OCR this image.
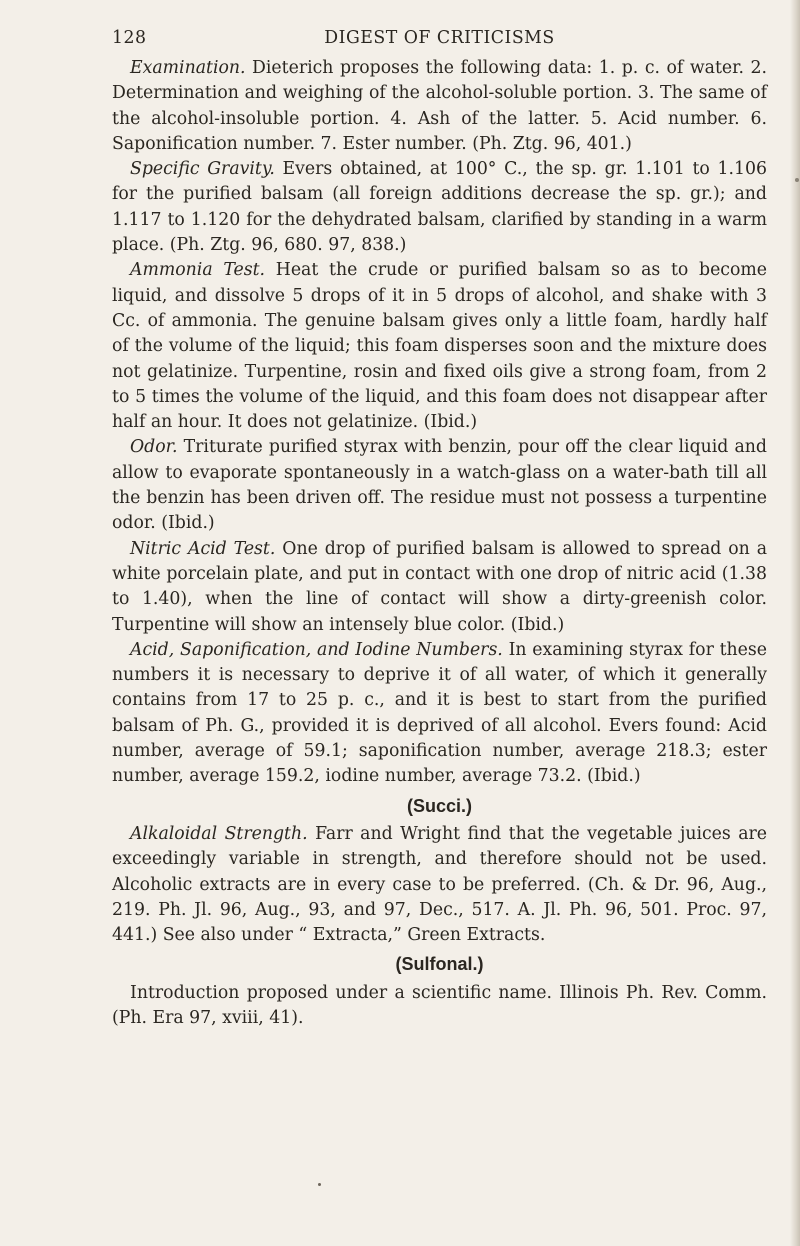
128	DIGEST OF CRITICISMS

Examination. Dieterich proposes the following data: 1. p. c. of water. 2. Determination and weighing of the alcohol-soluble portion. 3. The same of the alcohol-insoluble portion. 4. Ash of the latter. 5. Acid number. 6. Saponification number. 7. Ester number. (Ph. Ztg. 96, 401.)

Specific Gravity. Evers obtained, at 100° C., the sp. gr. 1.101 to 1.106 for the purified balsam (all foreign additions decrease the sp. gr.); and 1.117 to 1.120 for the dehydrated balsam, clarified by standing in a warm place. (Ph. Ztg. 96, 680. 97, 838.)

Ammonia Test. Heat the crude or purified balsam so as to become liquid, and dissolve 5 drops of it in 5 drops of alcohol, and shake with 3 Cc. of ammonia. The genuine balsam gives only a little foam, hardly half of the volume of the liquid; this foam disperses soon and the mixture does not gelatinize. Turpentine, rosin and fixed oils give a strong foam, from 2 to 5 times the volume of the liquid, and this foam does not disappear after half an hour. It does not gelatinize. (Ibid.)

Odor. Triturate purified styrax with benzin, pour off the clear liquid and allow to evaporate spontaneously in a watch-glass on a water-bath till all the benzin has been driven off. The residue must not possess a turpentine odor. (Ibid.)

Nitric Acid Test. One drop of purified balsam is allowed to spread on a white porcelain plate, and put in contact with one drop of nitric acid (1.38 to 1.40), when the line of contact will show a dirty-greenish color. Turpentine will show an intensely blue color. (Ibid.)

Acid, Saponification, and Iodine Numbers. In examining styrax for these numbers it is necessary to deprive it of all water, of which it generally contains from 17 to 25 p. c., and it is best to start from the purified balsam of Ph. G., provided it is deprived of all alcohol. Evers found: Acid number, average of 59.1; saponification number, average 218.3; ester number, average 159.2, iodine number, average 73.2. (Ibid.)

(Succi.)

Alkaloidal Strength. Farr and Wright find that the vegetable juices are exceedingly variable in strength, and therefore should not be used. Alcoholic extracts are in every case to be preferred. (Ch. & Dr. 96, Aug., 219. Ph. Jl. 96, Aug., 93, and 97, Dec., 517. A. Jl. Ph. 96, 501. Proc. 97, 441.) See also under “ Extracta,” Green Extracts.

(Sulfonal.)

Introduction proposed under a scientific name. Illinois Ph. Rev. Comm. (Ph. Era 97, xviii, 41).
